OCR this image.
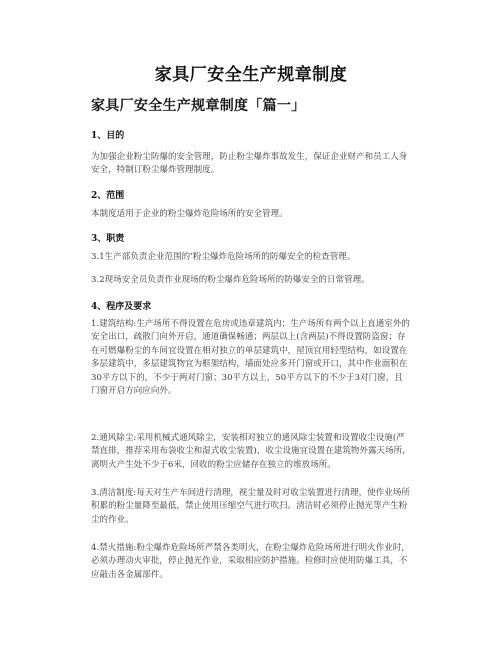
家具厂安全生产规章制度
家具厂安全生产规章制度「篇一」
1、目的
为加强企业粉尘防爆的安全管理，防止粉尘爆炸事故发生，保证企业财产和员工人身安全，特制订粉尘爆炸管理制度。
2、范围
本制度适用于企业的粉尘爆炸危险场所的安全管理。
3、职责
3.1生产部负责企业范围的’粉尘爆炸危险场所的防爆安全的检查管理。
3.2现场安全员负责作业现场的粉尘爆炸危险场所的防爆安全的日常管理。
4、程序及要求
1.建筑结构:生产场所不得设置在危房或违章建筑内；生产场所有两个以上直通室外的安全出口，疏散门向外开启，通道确保畅通；两层以上(含两层)不得设置防盗窗；存在可燃爆粉尘的车间宜设置在相对独立的单层建筑中，屋顶宜用轻型结构，如设置在多层建筑中，多层建筑物宜为框架结构，墙面处应多开门窗或开口，其中作业面积在30平方以下的，不少于两对门窗；30平方以上，50平方以下的不少于3对门窗，且门窗开启方向应向外。
2.通风除尘:采用机械式通风除尘，安装相对独立的通风除尘装置和设置收尘设施(严禁直排，推荐采用布袋收尘和湿式收尘装置)，收尘设施宜设置在建筑物外露天场所，离明火产生处不少于6米，回收的粉尘应储存在独立的堆放场所。
3.清洁制度:每天对生产车间进行清理，视尘量及时对收尘装置进行清理，使作业场所积累的粉尘量降至最低，禁止使用压缩空气进行吹扫。清洁时必须停止抛光等产生粉尘的作业。
4.禁火措施:粉尘爆炸危险场所严禁各类明火，在粉尘爆炸危险场所进行明火作业时，必须办理动火审批，停止抛光作业，采取相应防护措施。检修时应使用防爆工具，不应敲击各金属部件。
